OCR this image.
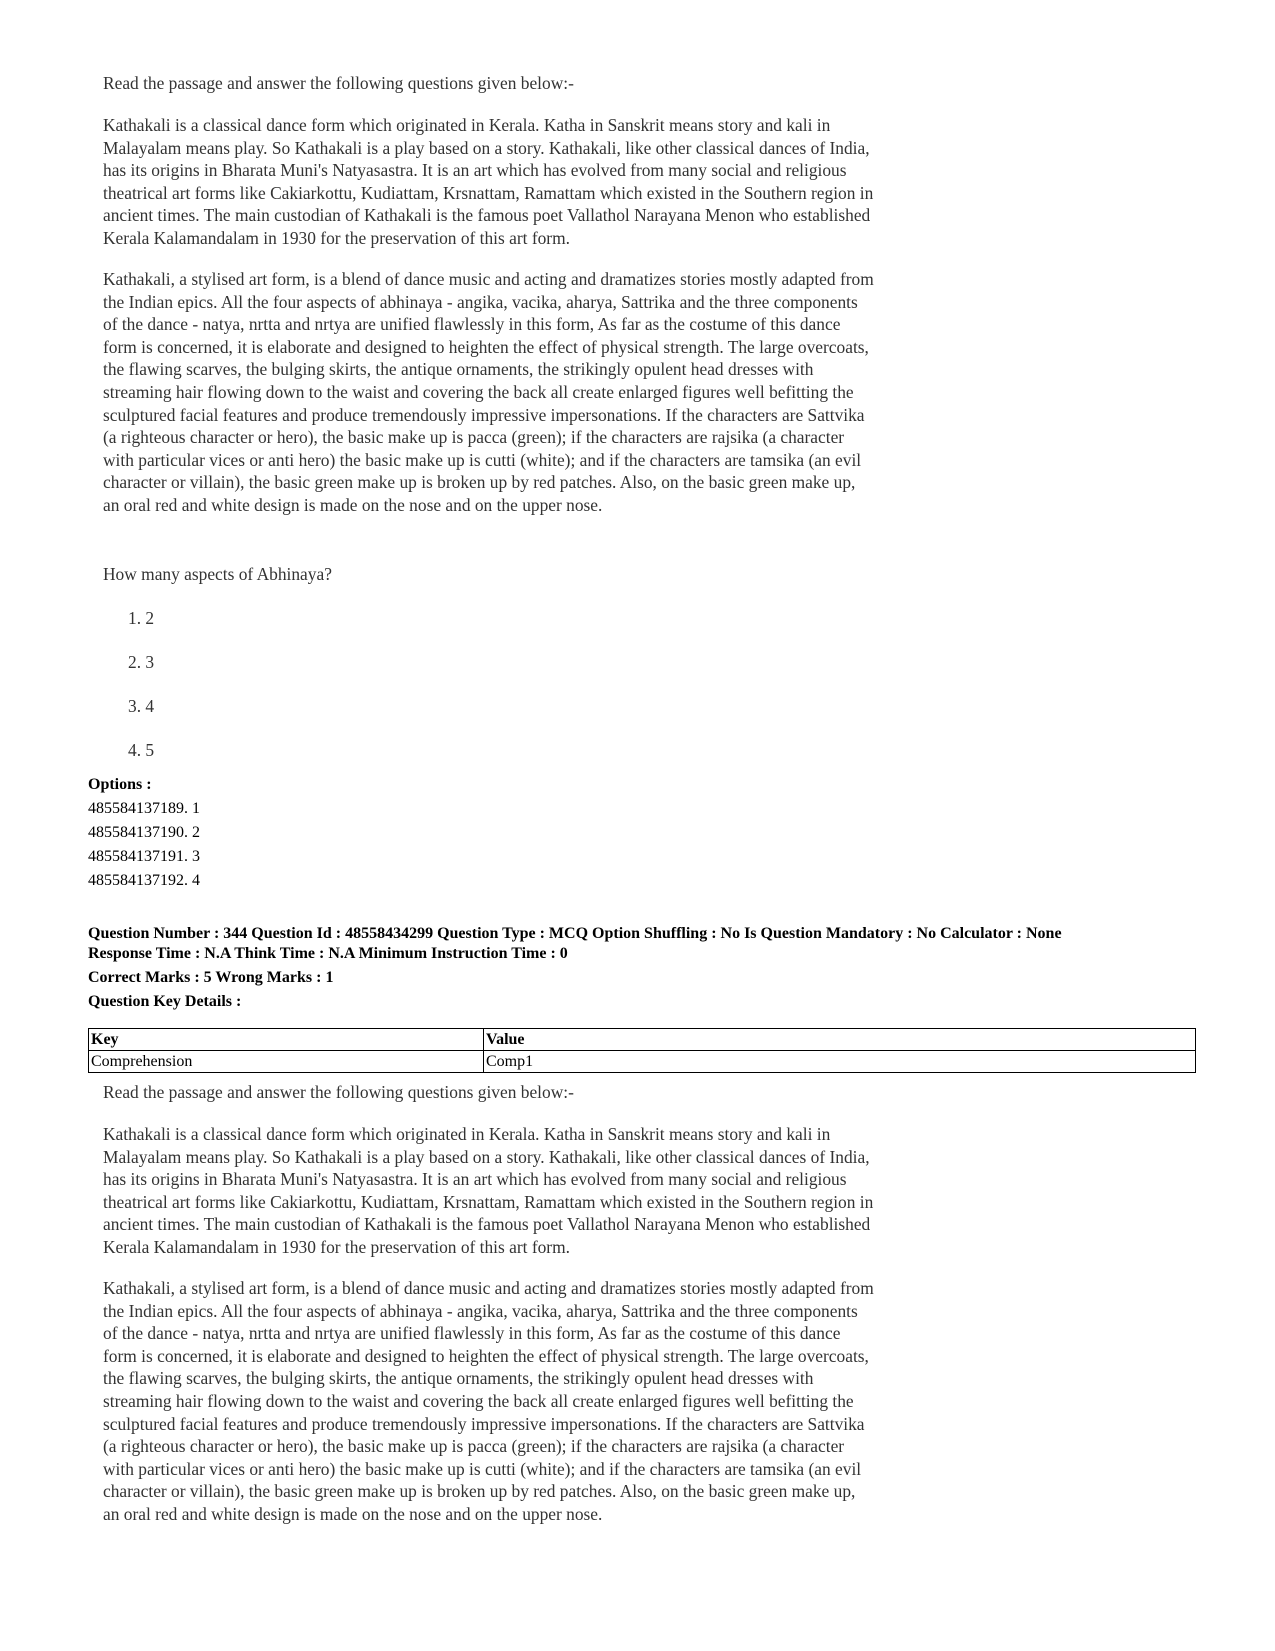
Read the passage and answer the following questions given below:-
Kathakali is a classical dance form which originated in Kerala. Katha in Sanskrit means story and kali in
Malayalam means play. So Kathakali is a play based on a story. Kathakali, like other classical dances of India,
has its origins in Bharata Muni's Natyasastra. It is an art which has evolved from many social and religious
theatrical art forms like Cakiarkottu, Kudiattam, Krsnattam, Ramattam which existed in the Southern region in
ancient times. The main custodian of Kathakali is the famous poet Vallathol Narayana Menon who established
Kerala Kalamandalam in 1930 for the preservation of this art form.
Kathakali, a stylised art form, is a blend of dance music and acting and dramatizes stories mostly adapted from
the Indian epics. All the four aspects of abhinaya - angika, vacika, aharya, Sattrika and the three components
of the dance - natya, nrtta and nrtya are unified flawlessly in this form, As far as the costume of this dance
form is concerned, it is elaborate and designed to heighten the effect of physical strength. The large overcoats,
the flawing scarves, the bulging skirts, the antique ornaments, the strikingly opulent head dresses with
streaming hair flowing down to the waist and covering the back all create enlarged figures well befitting the
sculptured facial features and produce tremendously impressive impersonations. If the characters are Sattvika
(a righteous character or hero), the basic make up is pacca (green); if the characters are rajsika (a character
with particular vices or anti hero) the basic make up is cutti (white); and if the characters are tamsika (an evil
character or villain), the basic green make up is broken up by red patches. Also, on the basic green make up,
an oral red and white design is made on the nose and on the upper nose.
How many aspects of Abhinaya?
1. 2
2. 3
3. 4
4. 5
Options :
485584137189. 1
485584137190. 2
485584137191. 3
485584137192. 4
Question Number : 344 Question Id : 48558434299 Question Type : MCQ Option Shuffling : No Is Question Mandatory : No Calculator : None
Response Time : N.A Think Time : N.A Minimum Instruction Time : 0
Correct Marks : 5 Wrong Marks : 1
Question Key Details :
Key	Value
Comprehension	Comp1
Read the passage and answer the following questions given below:-
Kathakali is a classical dance form which originated in Kerala. Katha in Sanskrit means story and kali in
Malayalam means play. So Kathakali is a play based on a story. Kathakali, like other classical dances of India,
has its origins in Bharata Muni's Natyasastra. It is an art which has evolved from many social and religious
theatrical art forms like Cakiarkottu, Kudiattam, Krsnattam, Ramattam which existed in the Southern region in
ancient times. The main custodian of Kathakali is the famous poet Vallathol Narayana Menon who established
Kerala Kalamandalam in 1930 for the preservation of this art form.
Kathakali, a stylised art form, is a blend of dance music and acting and dramatizes stories mostly adapted from
the Indian epics. All the four aspects of abhinaya - angika, vacika, aharya, Sattrika and the three components
of the dance - natya, nrtta and nrtya are unified flawlessly in this form, As far as the costume of this dance
form is concerned, it is elaborate and designed to heighten the effect of physical strength. The large overcoats,
the flawing scarves, the bulging skirts, the antique ornaments, the strikingly opulent head dresses with
streaming hair flowing down to the waist and covering the back all create enlarged figures well befitting the
sculptured facial features and produce tremendously impressive impersonations. If the characters are Sattvika
(a righteous character or hero), the basic make up is pacca (green); if the characters are rajsika (a character
with particular vices or anti hero) the basic make up is cutti (white); and if the characters are tamsika (an evil
character or villain), the basic green make up is broken up by red patches. Also, on the basic green make up,
an oral red and white design is made on the nose and on the upper nose.
